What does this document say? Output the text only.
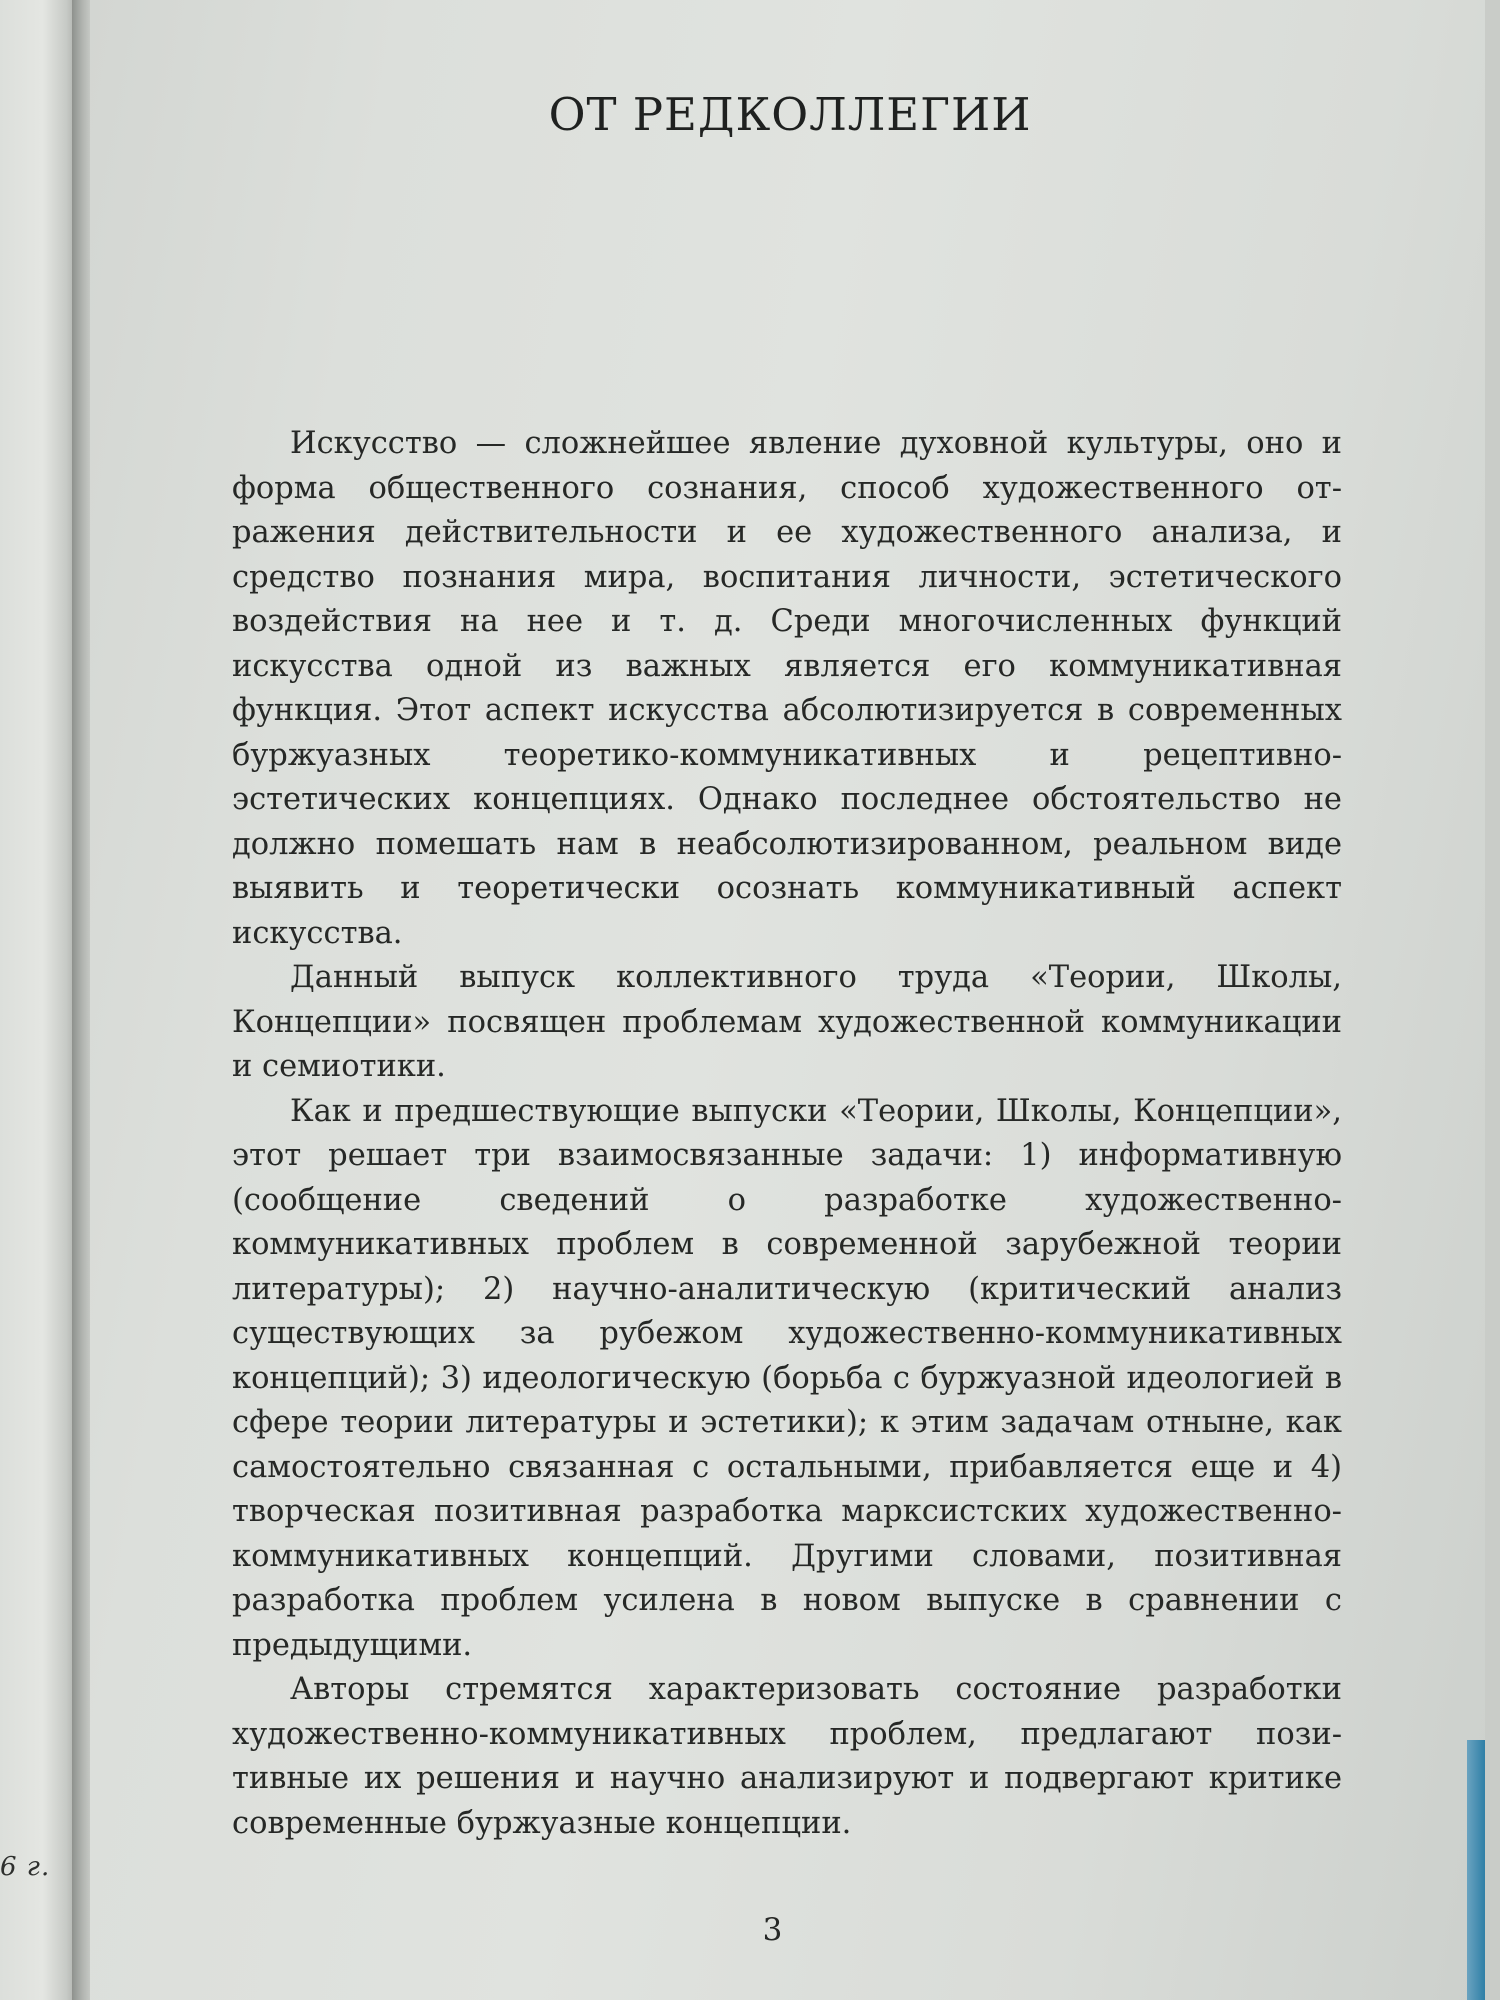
6 г.
ОТ РЕДКОЛЛЕГИИ

Искусство — сложнейшее явление духовной культуры, оно и форма общественного сознания, способ художественного отражения действительности и ее художественного анализа, и средство познания мира, воспитания личности, эстетического воздействия на нее и т. д. Среди многочисленных функций искусства одной из важных является его коммуникативная функция. Этот аспект искусства абсолютизируется в современных буржуазных теоретико-коммуникативных и рецептивно-эстетических концепциях. Однако последнее обстоятельство не должно помешать нам в неабсолютизированном, реальном виде выявить и теоретически осознать коммуникативный аспект искусства.

Данный выпуск коллективного труда «Теории, Школы, Концепции» посвящен проблемам художественной коммуникации и семиотики.

Как и предшествующие выпуски «Теории, Школы, Концепции», этот решает три взаимосвязанные задачи: 1) информативную (сообщение сведений о разработке художественно-коммуникативных проблем в современной зарубежной теории литературы); 2) научно-аналитическую (критический анализ существующих за рубежом художественно-коммуникативных концепций); 3) идеологическую (борьба с буржуазной идеологией в сфере теории литературы и эстетики); к этим задачам отныне, как самостоятельно связанная с остальными, прибавляется еще и 4) творческая позитивная разработка марксистских художественно-коммуникативных концепций. Другими словами, позитивная разработка проблем усилена в новом выпуске в сравнении с предыдущими.

Авторы стремятся характеризовать состояние разработки художественно-коммуникативных проблем, предлагают позитивные их решения и научно анализируют и подвергают критике современные буржуазные концепции.

3
